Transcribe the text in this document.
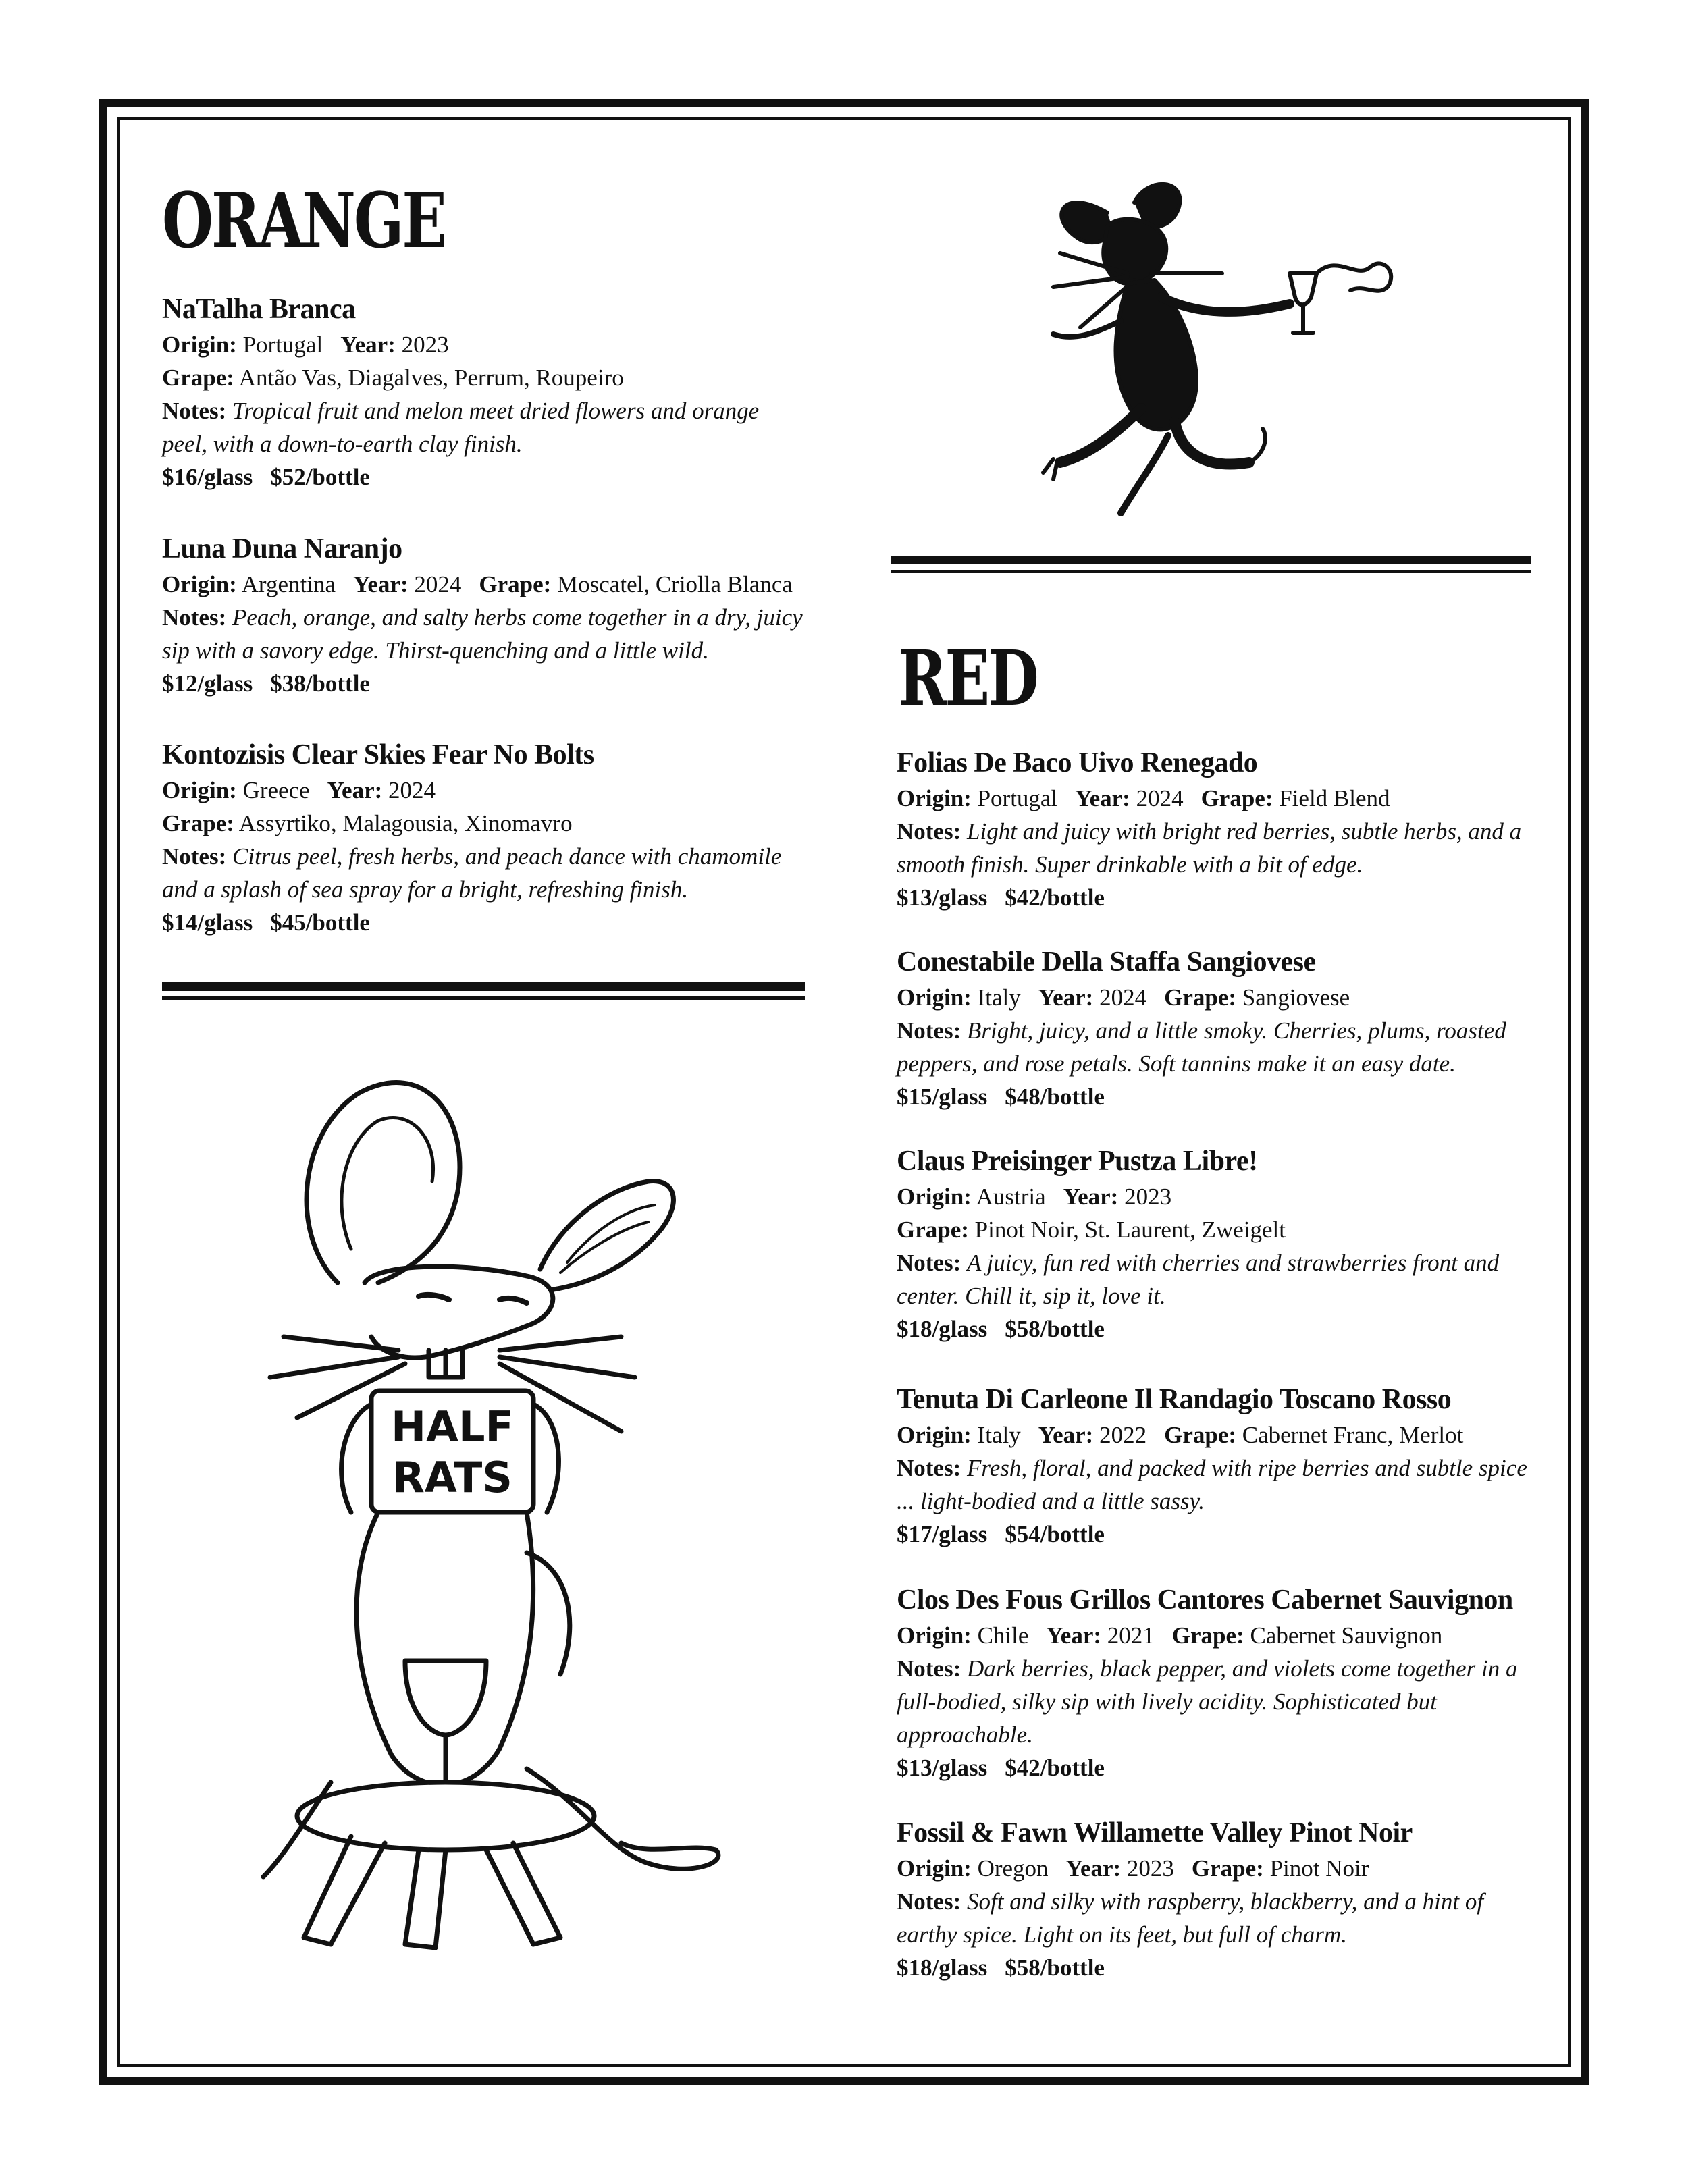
ORANGE
NaTalha Branca
Origin: Portugal Year: 2023
Grape: Antão Vas, Diagalves, Perrum, Roupeiro
Notes: Tropical fruit and melon meet dried flowers and orange peel, with a down-to-earth clay finish.
$16/glass $52/bottle
Luna Duna Naranjo
Origin: Argentina Year: 2024 Grape: Moscatel, Criolla Blanca
Notes: Peach, orange, and salty herbs come together in a dry, juicy sip with a savory edge. Thirst-quenching and a little wild.
$12/glass $38/bottle
Kontozisis Clear Skies Fear No Bolts
Origin: Greece Year: 2024
Grape: Assyrtiko, Malagousia, Xinomavro
Notes: Citrus peel, fresh herbs, and peach dance with chamomile and a splash of sea spray for a bright, refreshing finish.
$14/glass $45/bottle
RED
Folias De Baco Uivo Renegado
Origin: Portugal Year: 2024 Grape: Field Blend
Notes: Light and juicy with bright red berries, subtle herbs, and a smooth finish. Super drinkable with a bit of edge.
$13/glass $42/bottle
Conestabile Della Staffa Sangiovese
Origin: Italy Year: 2024 Grape: Sangiovese
Notes: Bright, juicy, and a little smoky. Cherries, plums, roasted peppers, and rose petals. Soft tannins make it an easy date.
$15/glass $48/bottle
Claus Preisinger Pustza Libre!
Origin: Austria Year: 2023
Grape: Pinot Noir, St. Laurent, Zweigelt
Notes: A juicy, fun red with cherries and strawberries front and center. Chill it, sip it, love it.
$18/glass $58/bottle
Tenuta Di Carleone Il Randagio Toscano Rosso
Origin: Italy Year: 2022 Grape: Cabernet Franc, Merlot
Notes: Fresh, floral, and packed with ripe berries and subtle spice ... light-bodied and a little sassy.
$17/glass $54/bottle
Clos Des Fous Grillos Cantores Cabernet Sauvignon
Origin: Chile Year: 2021 Grape: Cabernet Sauvignon
Notes: Dark berries, black pepper, and violets come together in a full-bodied, silky sip with lively acidity. Sophisticated but approachable.
$13/glass $42/bottle
Fossil & Fawn Willamette Valley Pinot Noir
Origin: Oregon Year: 2023 Grape: Pinot Noir
Notes: Soft and silky with raspberry, blackberry, and a hint of earthy spice. Light on its feet, but full of charm.
$18/glass $58/bottle
HALF
RATS
